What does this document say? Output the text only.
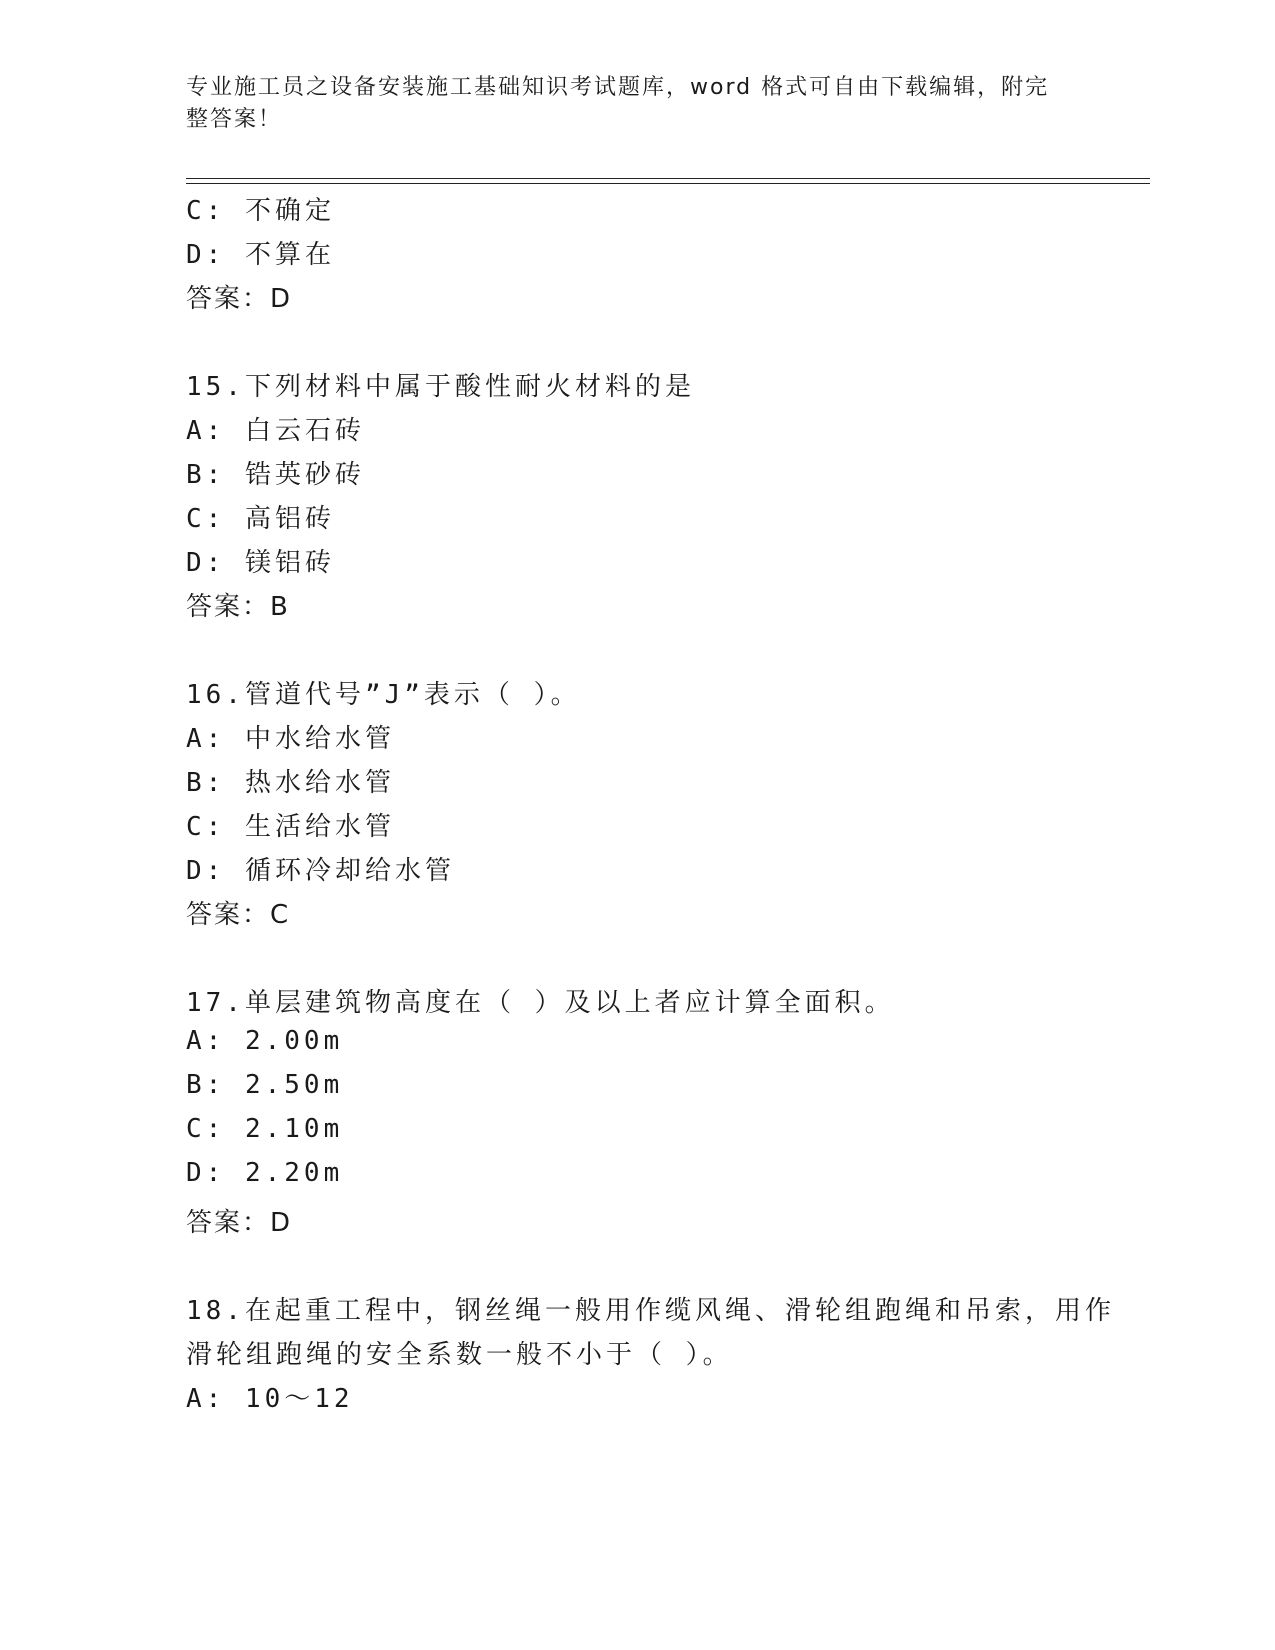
专业施工员之设备安装施工基础知识考试题库，word 格式可自由下载编辑，附完整答案！
C: 不确定
D: 不算在
答案：D
15.下列材料中属于酸性耐火材料的是
A: 白云石砖
B: 锆英砂砖
C: 高铝砖
D: 镁铝砖
答案：B
16.管道代号”J”表示（ ）。
A: 中水给水管
B: 热水给水管
C: 生活给水管
D: 循环冷却给水管
答案：C
17.单层建筑物高度在（ ）及以上者应计算全面积。
A: 2.00m
B: 2.50m
C: 2.10m
D: 2.20m
答案：D
18.在起重工程中，钢丝绳一般用作缆风绳、滑轮组跑绳和吊索，用作
滑轮组跑绳的安全系数一般不小于（ ）。
A: 10～12
